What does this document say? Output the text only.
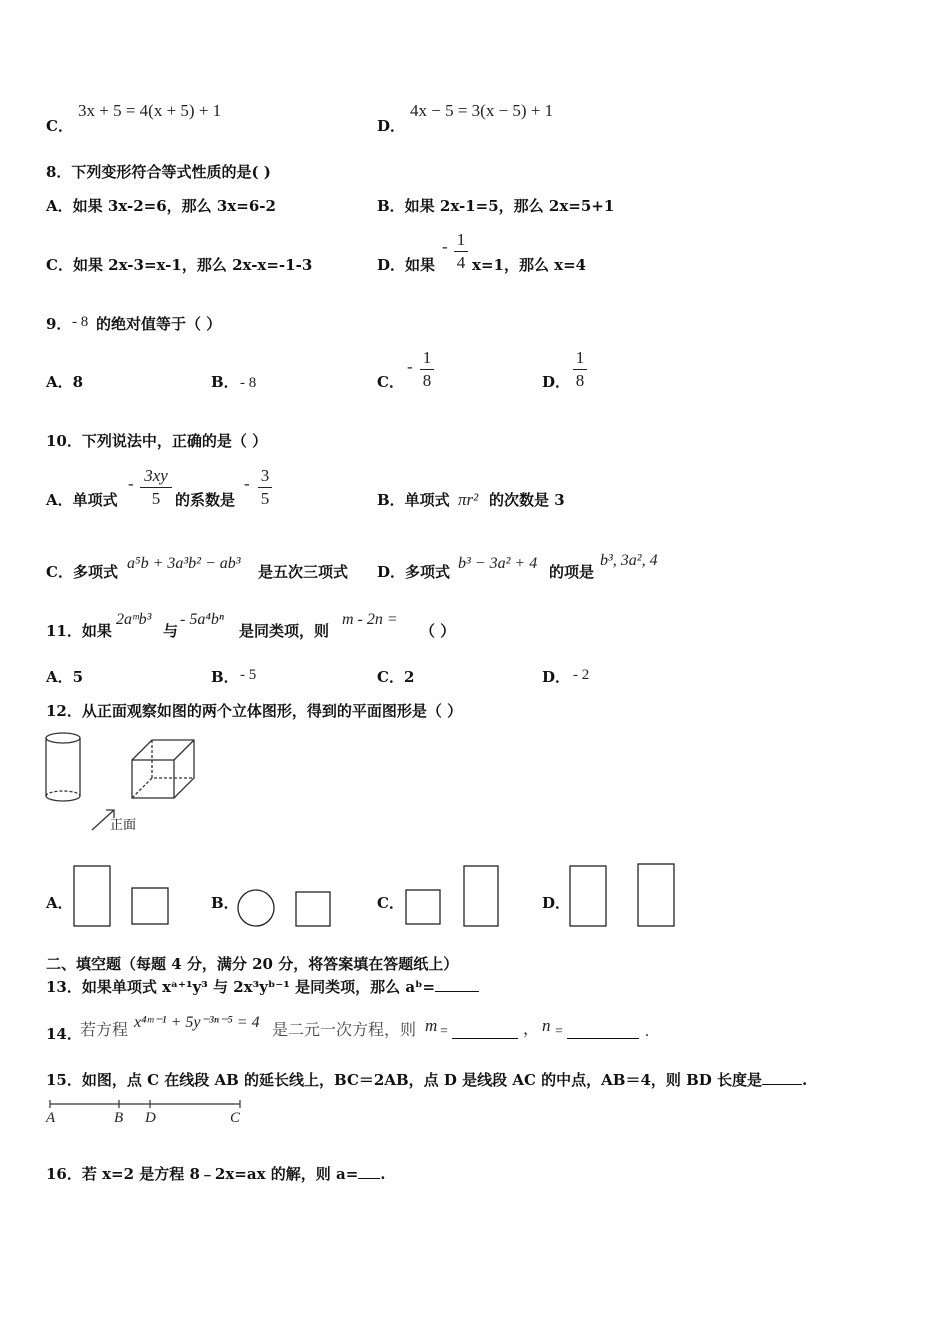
C．
3x + 5 = 4(x + 5) + 1
D．
4x − 5 = 3(x − 5) + 1
8．下列变形符合等式性质的是( )
A．如果 3x-2=6，那么 3x=6-2	B．如果 2x-1=5，那么 2x=5+1
C．如果 2x-3=x-1，那么 2x-x=-1-3	D．如果
- 1
4 x=1，那么 x=4
9． - 8 的绝对值等于（ ）
A．8	B． - 8	C．
- 1
8	D．
1
8
10．下列说法中，正确的是（ ）
A．单项式
- 3xy
5 的系数是
- 3
5	B．单项式 πr² 的次数是 3
C．多项式 a⁵b + 3a³b² − ab³ 是五次三项式 D．多项式 b³ − 3a² + 4 的项是
b³, 3a², 4
11．如果
2aᵐb³
与
- 5a⁴bⁿ
是同类项，则
m - 2n =
（ ）
A．5	B． - 5	C．2	D． - 2
12．从正面观察如图的两个立体图形，得到的平面图形是（ ）
正面
A．	B．	C．	D．
二、填空题（每题 4 分，满分 20 分，将答案填在答题纸上）
13．如果单项式 xᵃ⁺¹y³ 与 2x³yᵇ⁻¹ 是同类项，那么 aᵇ=
14．
若方程 x⁴ᵐ⁻¹ + 5y⁻³ⁿ⁻⁵ = 4 是二元一次方程，则 m =	， n =	.
15．如图，点 C 在线段 AB 的延长线上，BC＝2AB，点 D 是线段 AC 的中点，AB＝4，则 BD 长度是	.
A	B D	C
16．若 x=2 是方程 8﹣2x=ax 的解，则 a= .
